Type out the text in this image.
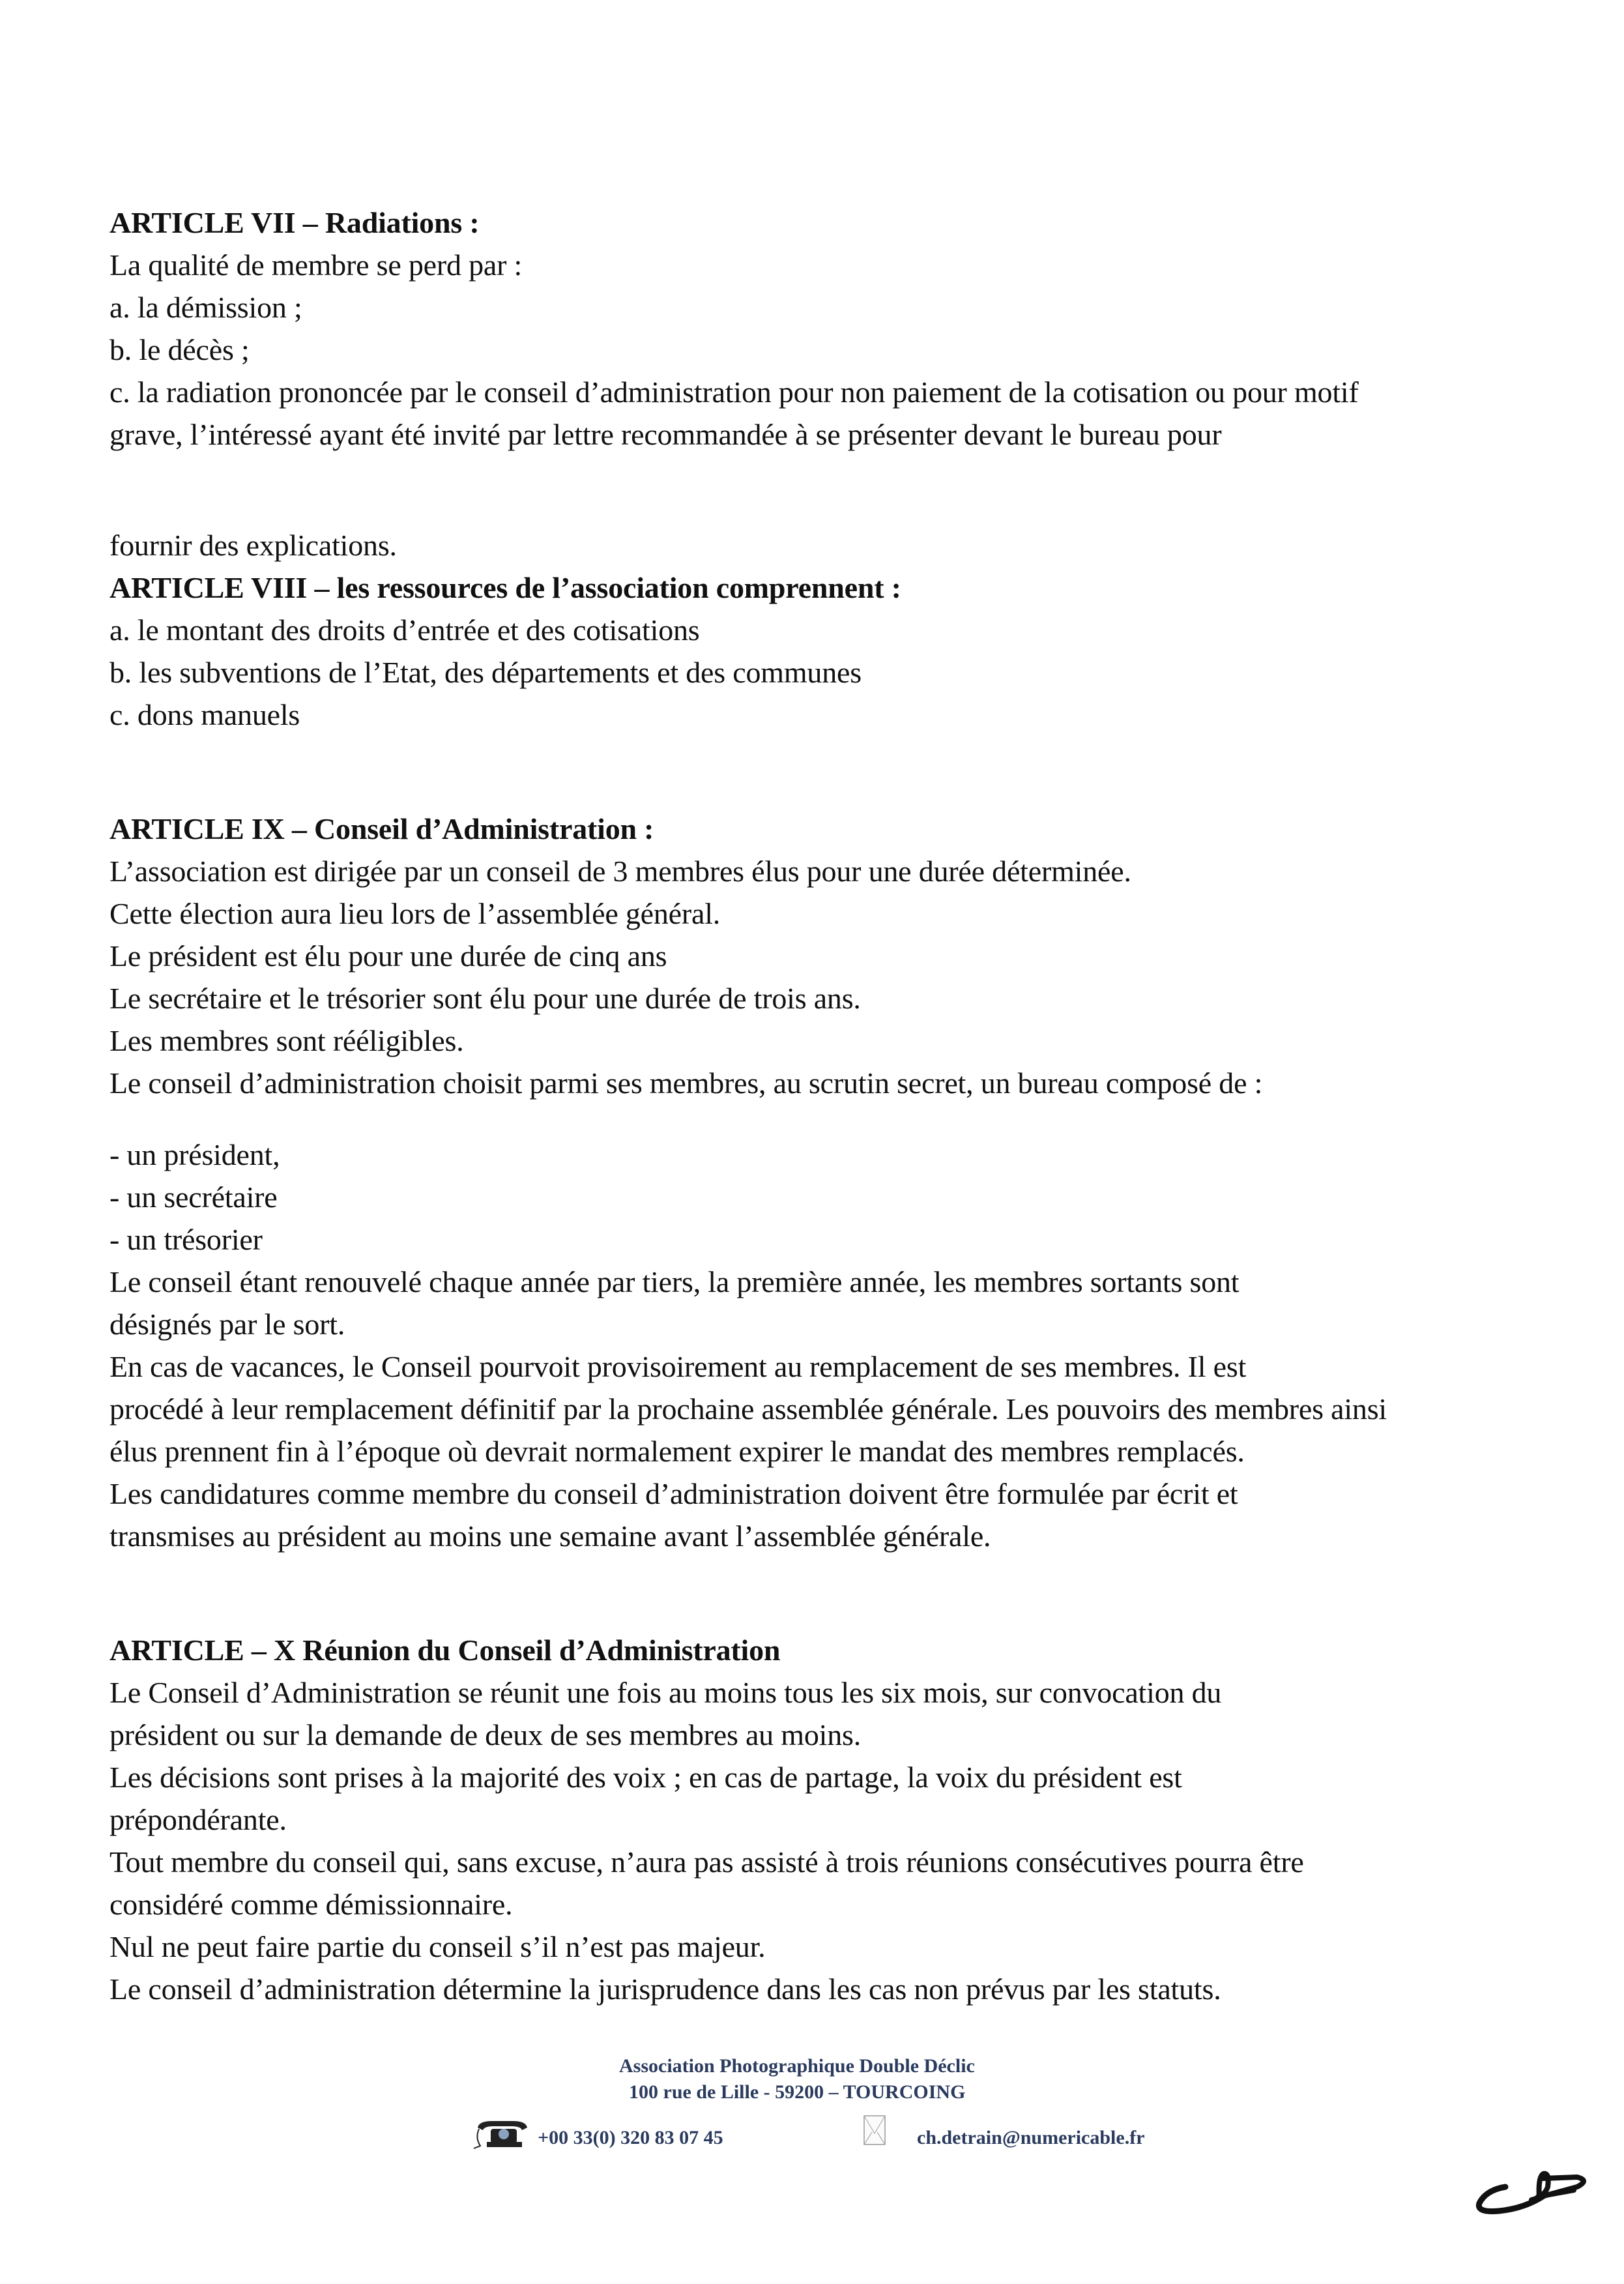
ARTICLE VII – Radiations :
La qualité de membre se perd par :
a. la démission ;
b. le décès ;
c. la radiation prononcée par le conseil d’administration pour non paiement de la cotisation ou pour motif
grave, l’intéressé ayant été invité par lettre recommandée à se présenter devant le bureau pour
fournir des explications.
ARTICLE VIII – les ressources de l’association comprennent :
a. le montant des droits d’entrée et des cotisations
b. les subventions de l’Etat, des départements et des communes
c. dons manuels
ARTICLE IX – Conseil d’Administration :
L’association est dirigée par un conseil de 3 membres élus pour une durée déterminée.
Cette élection aura lieu lors de l’assemblée général.
Le président est élu pour une durée de cinq ans
Le secrétaire et le trésorier sont élu pour une durée de trois ans.
Les membres sont rééligibles.
Le conseil d’administration choisit parmi ses membres, au scrutin secret, un bureau composé de :
- un président,
- un secrétaire
- un trésorier
Le conseil étant renouvelé chaque année par tiers, la première année, les membres sortants sont
désignés par le sort.
En cas de vacances, le Conseil pourvoit provisoirement au remplacement de ses membres. Il est
procédé à leur remplacement définitif par la prochaine assemblée générale. Les pouvoirs des membres ainsi
élus prennent fin à l’époque où devrait normalement expirer le mandat des membres remplacés.
Les candidatures comme membre du conseil d’administration doivent être formulée par écrit et
transmises au président au moins une semaine avant l’assemblée générale.
ARTICLE – X Réunion du Conseil d’Administration
Le Conseil d’Administration se réunit une fois au moins tous les six mois, sur convocation du
président ou sur la demande de deux de ses membres au moins.
Les décisions sont prises à la majorité des voix ; en cas de partage, la voix du président est
prépondérante.
Tout membre du conseil qui, sans excuse, n’aura pas assisté à trois réunions consécutives pourra être
considéré comme démissionnaire.
Nul ne peut faire partie du conseil s’il n’est pas majeur.
Le conseil d’administration détermine la jurisprudence dans les cas non prévus par les statuts.
Association Photographique Double Déclic
100 rue de Lille - 59200 – TOURCOING
+00 33(0) 320 83 07 45	ch.detrain@numericable.fr
